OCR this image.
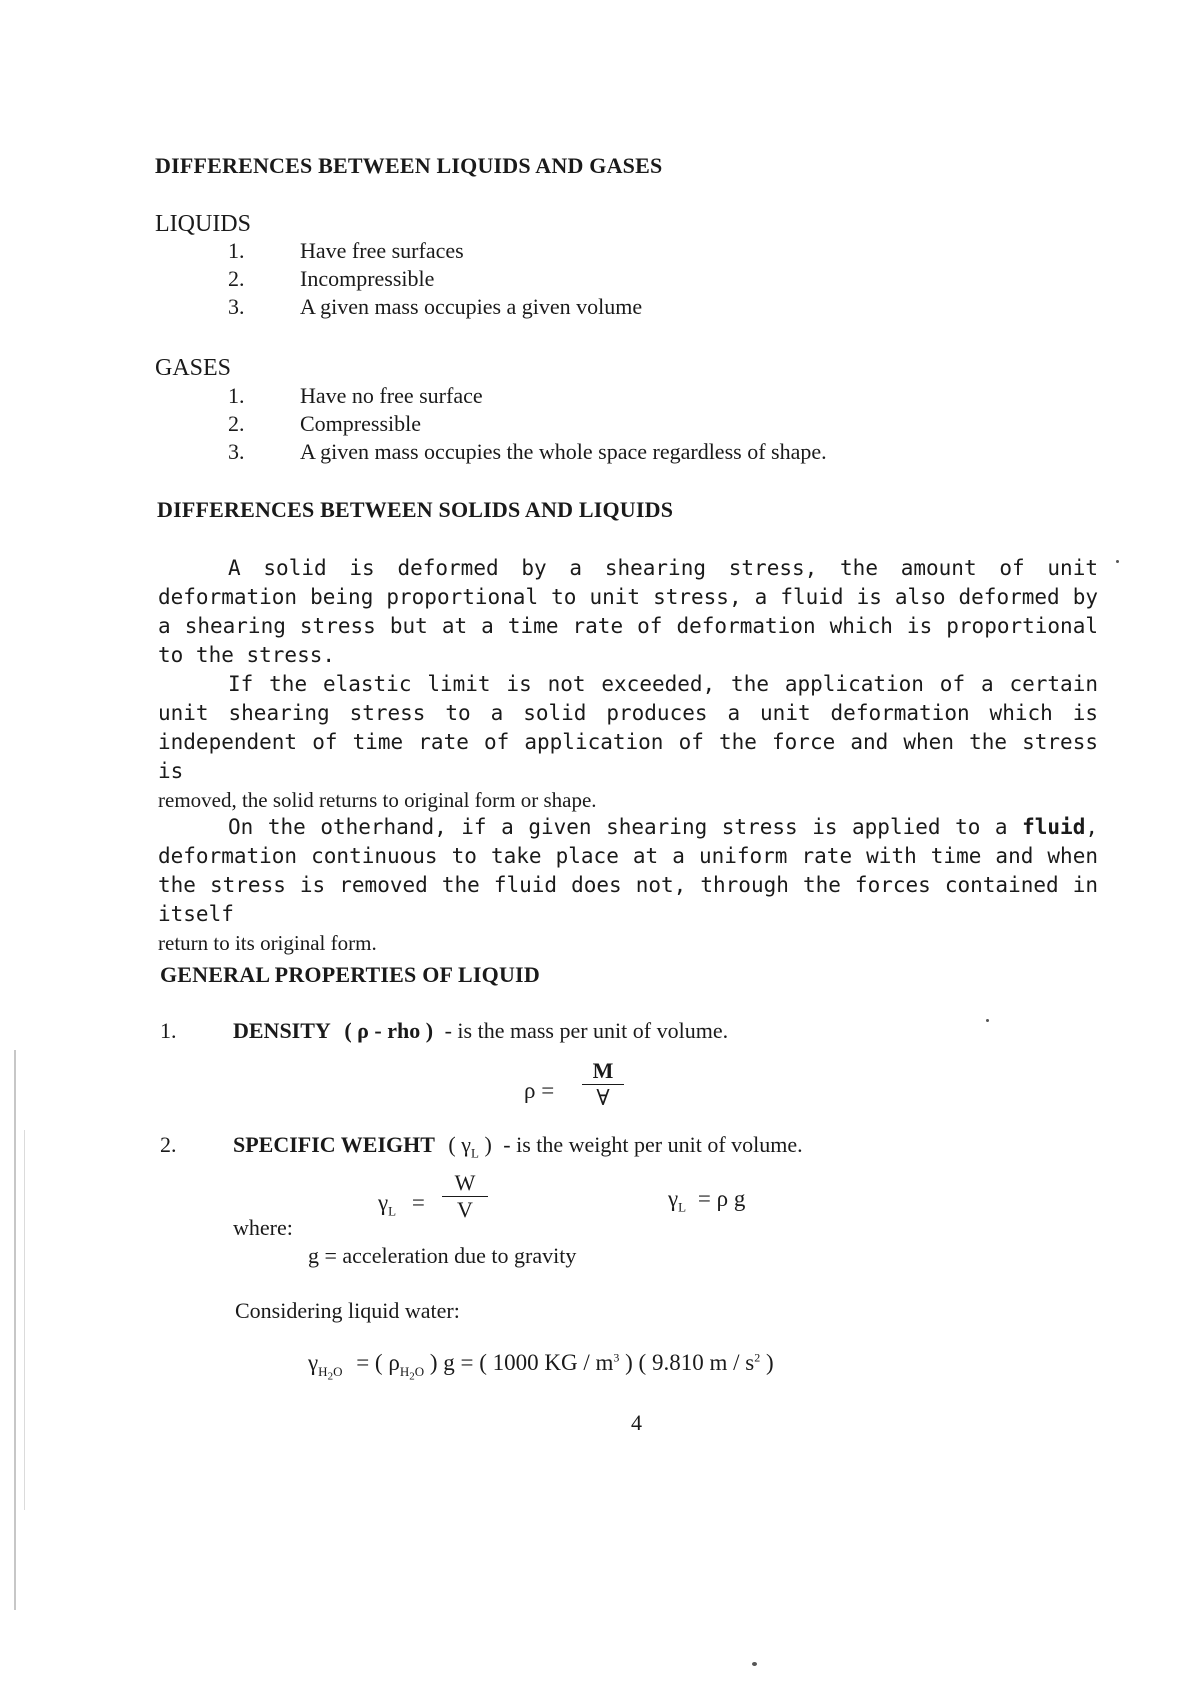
DIFFERENCES BETWEEN LIQUIDS AND GASES
LIQUIDS
1.	Have free surfaces
2.	Incompressible
3.	A given mass occupies a given volume
GASES
1.	Have no free surface
2.	Compressible
3.	A given mass occupies the whole space regardless of shape.
DIFFERENCES BETWEEN SOLIDS AND LIQUIDS
A solid is deformed by a shearing stress, the amount of unit deformation being proportional to unit stress, a fluid is also deformed by a shearing stress but at a time rate of deformation which is proportional to the stress.
If the elastic limit is not exceeded, the application of a certain unit shearing stress to a solid produces a unit deformation which is independent of time rate of application of the force and when the stress is
removed, the solid returns to original form or shape.
On the otherhand, if a given shearing stress is applied to a fluid, deformation continuous to take place at a uniform rate with time and when the stress is removed the fluid does not, through the forces contained in itself
return to its original form.
GENERAL PROPERTIES OF LIQUID
1.	DENSITY ( ρ - rho ) - is the mass per unit of volume.
ρ =
M
∀
2.	SPECIFIC WEIGHT ( $\gamma_L$ ) - is the weight per unit of volume.
$\gamma_L$ =
W
V	$\gamma_L = \rho$ g
where:
g = acceleration due to gravity
Considering liquid water:
$\gamma_{H_2O}$ = ( $\rho_{H_2O}$ ) g = ( 1000 KG / $m^3$ ) ( 9.810 m / $s^2$ )
4
